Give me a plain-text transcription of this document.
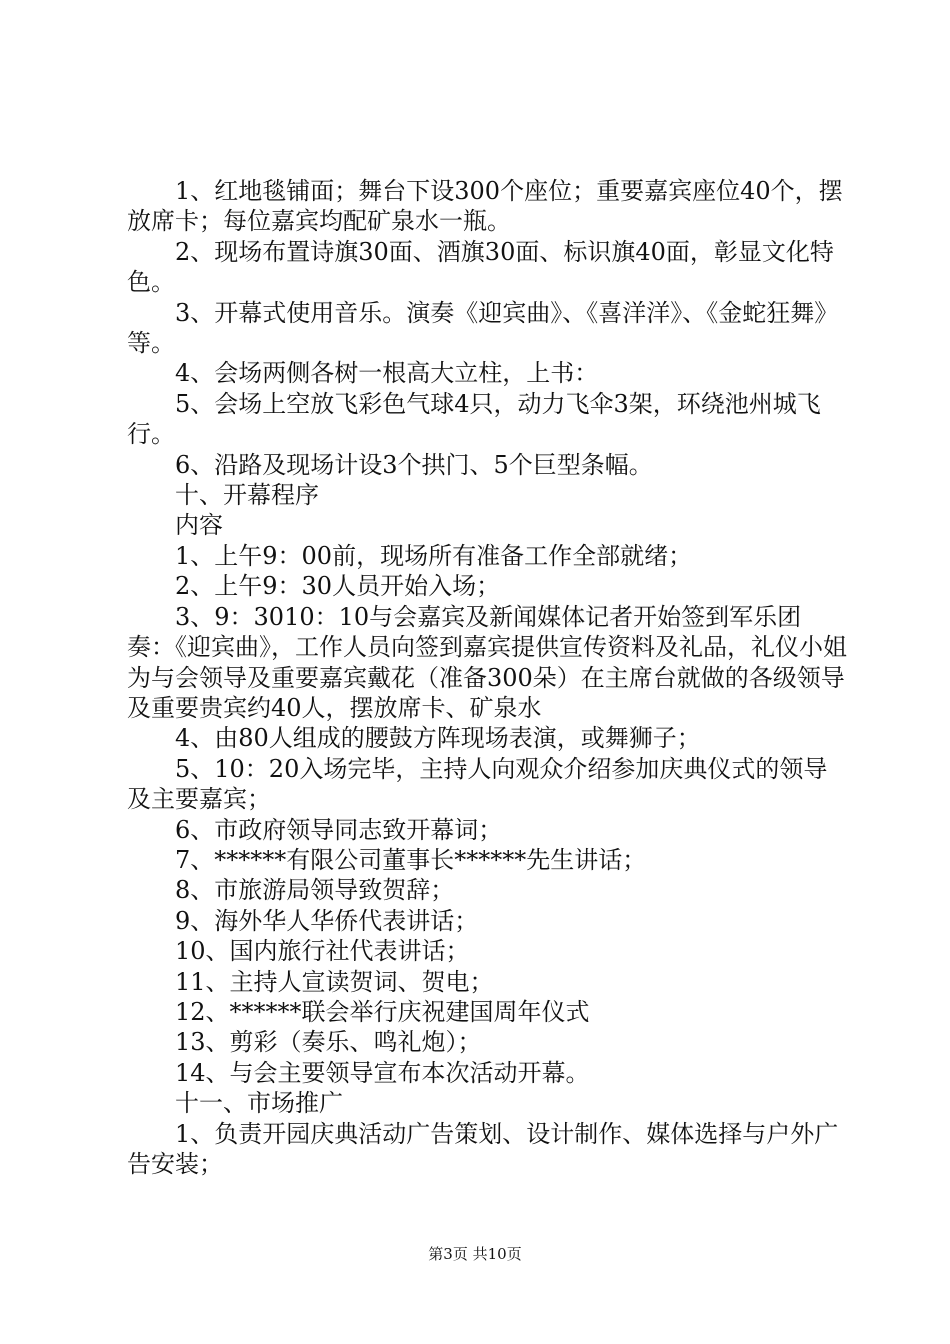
1、红地毯铺面；舞台下设300个座位；重要嘉宾座位40个，摆放席卡；每位嘉宾均配矿泉水一瓶。

2、现场布置诗旗30面、酒旗30面、标识旗40面，彰显文化特色。

3、开幕式使用音乐。演奏《迎宾曲》、《喜洋洋》、《金蛇狂舞》等。

4、会场两侧各树一根高大立柱，上书：

5、会场上空放飞彩色气球4只，动力飞伞3架，环绕池州城飞行。

6、沿路及现场计设3个拱门、5个巨型条幅。

十、开幕程序

内容

1、上午9：00前，现场所有准备工作全部就绪；

2、上午9：30人员开始入场；

3、9：3010：10与会嘉宾及新闻媒体记者开始签到军乐团奏：《迎宾曲》，工作人员向签到嘉宾提供宣传资料及礼品，礼仪小姐为与会领导及重要嘉宾戴花（准备300朵）在主席台就做的各级领导及重要贵宾约40人，摆放席卡、矿泉水

4、由80人组成的腰鼓方阵现场表演，或舞狮子；

5、10：20入场完毕，主持人向观众介绍参加庆典仪式的领导及主要嘉宾；

6、市政府领导同志致开幕词；

7、******有限公司董事长******先生讲话；

8、市旅游局领导致贺辞；

9、海外华人华侨代表讲话；

10、国内旅行社代表讲话；

11、主持人宣读贺词、贺电；

12、******联会举行庆祝建国周年仪式

13、剪彩（奏乐、鸣礼炮）；

14、与会主要领导宣布本次活动开幕。

十一、市场推广

1、负责开园庆典活动广告策划、设计制作、媒体选择与户外广告安装；

第3页 共10页
